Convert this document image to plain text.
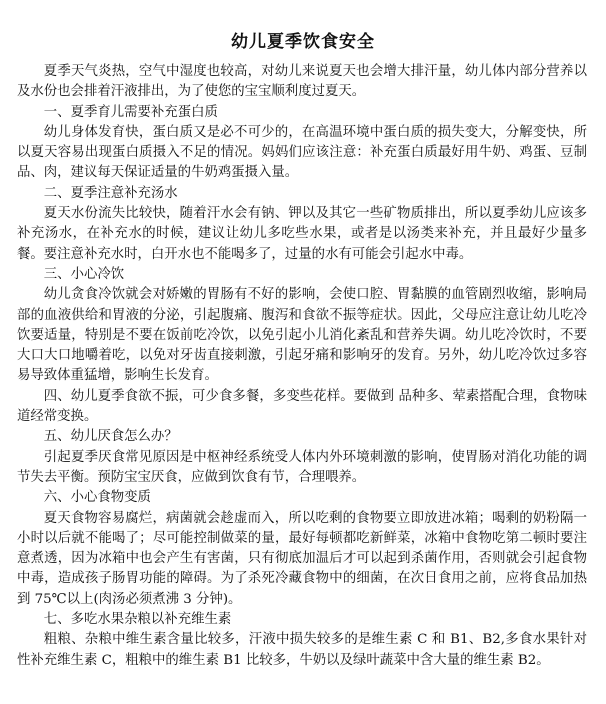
幼儿夏季饮食安全

夏季天气炎热，空气中湿度也较高，对幼儿来说夏天也会增大排汗量，幼儿体内部分营养以及水份也会排着汗液排出，为了使您的宝宝顺利度过夏天。

一、夏季育儿需要补充蛋白质

幼儿身体发育快，蛋白质又是必不可少的，在高温环境中蛋白质的损失变大，分解变快，所以夏天容易出现蛋白质摄入不足的情况。妈妈们应该注意：补充蛋白质最好用牛奶、鸡蛋、豆制品、肉，建议每天保证适量的牛奶鸡蛋摄入量。

二、夏季注意补充汤水

夏天水份流失比较快，随着汗水会有钠、钾以及其它一些矿物质排出，所以夏季幼儿应该多补充汤水，在补充水的时候，建议让幼儿多吃些水果，或者是以汤类来补充，并且最好少量多餐。要注意补充水时，白开水也不能喝多了，过量的水有可能会引起水中毒。

三、小心冷饮

幼儿贪食冷饮就会对娇嫩的胃肠有不好的影响，会使口腔、胃黏膜的血管剧烈收缩，影响局部的血液供给和胃液的分泌，引起腹痛、腹泻和食欲不振等症状。因此，父母应注意让幼儿吃冷饮要适量，特别是不要在饭前吃冷饮，以免引起小儿消化紊乱和营养失调。幼儿吃冷饮时，不要大口大口地嚼着吃，以免对牙齿直接刺激，引起牙痛和影响牙的发育。另外，幼儿吃冷饮过多容易导致体重猛增，影响生长发育。

四、幼儿夏季食欲不振，可少食多餐，多变些花样。要做到 品种多、荤素搭配合理，食物味道经常变换。

五、幼儿厌食怎么办？

引起夏季厌食常见原因是中枢神经系统受人体内外环境刺激的影响，使胃肠对消化功能的调节失去平衡。预防宝宝厌食，应做到饮食有节，合理喂养。

六、小心食物变质

夏天食物容易腐烂，病菌就会趁虚而入，所以吃剩的食物要立即放进冰箱；喝剩的奶粉隔一小时以后就不能喝了；尽可能控制做菜的量，最好每顿都吃新鲜菜，冰箱中食物吃第二顿时要注意煮透，因为冰箱中也会产生有害菌，只有彻底加温后才可以起到杀菌作用，否则就会引起食物中毒，造成孩子肠胃功能的障碍。为了杀死冷藏食物中的细菌，在次日食用之前，应将食品加热到 75℃以上(肉汤必须煮沸 3 分钟)。

七、多吃水果杂粮以补充维生素

粗粮、杂粮中维生素含量比较多，汗液中损失较多的是维生素 C 和 B1、B2,多食水果针对性补充维生素 C，粗粮中的维生素 B1 比较多，牛奶以及绿叶蔬菜中含大量的维生素 B2。
